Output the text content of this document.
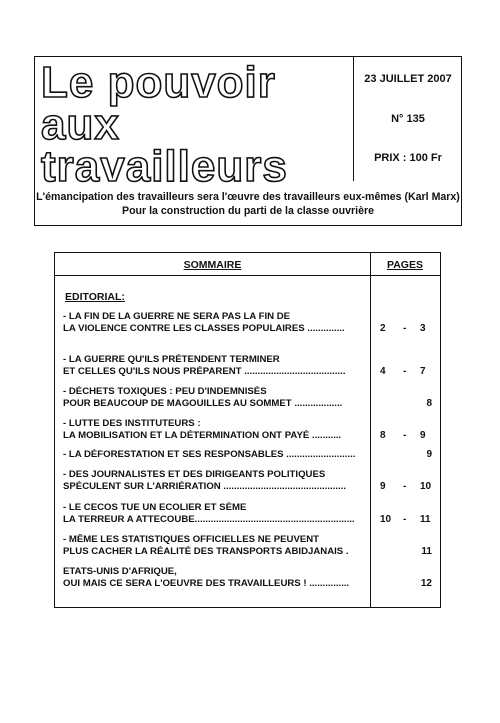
Le pouvoir
aux
travailleurs
23 JUILLET 2007
N° 135
PRIX : 100 Fr

L'émancipation des travailleurs sera l'œuvre des travailleurs eux-mêmes (Karl Marx)

Pour la construction du parti de la classe ouvrière

SOMMAIRE	PAGES
EDITORIAL:
- LA FIN DE LA GUERRE NE SERA PAS LA FIN DE
LA VIOLENCE CONTRE LES CLASSES POPULAIRES ..............	2 - 3
- LA GUERRE QU'ILS PRÉTENDENT TERMINER
ET CELLES QU'ILS NOUS PRÉPARENT ......................................	4 - 7
- DÉCHETS TOXIQUES : PEU D'INDEMNISÉS
POUR BEAUCOUP DE MAGOUILLES AU SOMMET ..................	8
- LUTTE DES INSTITUTEURS :
LA MOBILISATION ET LA DÉTERMINATION ONT PAYÉ ...........	8 - 9
- LA DÉFORESTATION ET SES RESPONSABLES ..........................	9
- DES JOURNALISTES ET DES DIRIGEANTS POLITIQUES
SPÉCULENT SUR L'ARRIÉRATION ..............................................	9 - 10
- LE CECOS TUE UN ECOLIER ET SÈME
LA TERREUR A ATTECOUBE............................................................	10 - 11
- MÊME LES STATISTIQUES OFFICIELLES NE PEUVENT
PLUS CACHER LA RÉALITÉ DES TRANSPORTS ABIDJANAIS .	11
ETATS-UNIS D'AFRIQUE,
OUI MAIS CE SERA L'OEUVRE DES TRAVAILLEURS ! ...............	12
